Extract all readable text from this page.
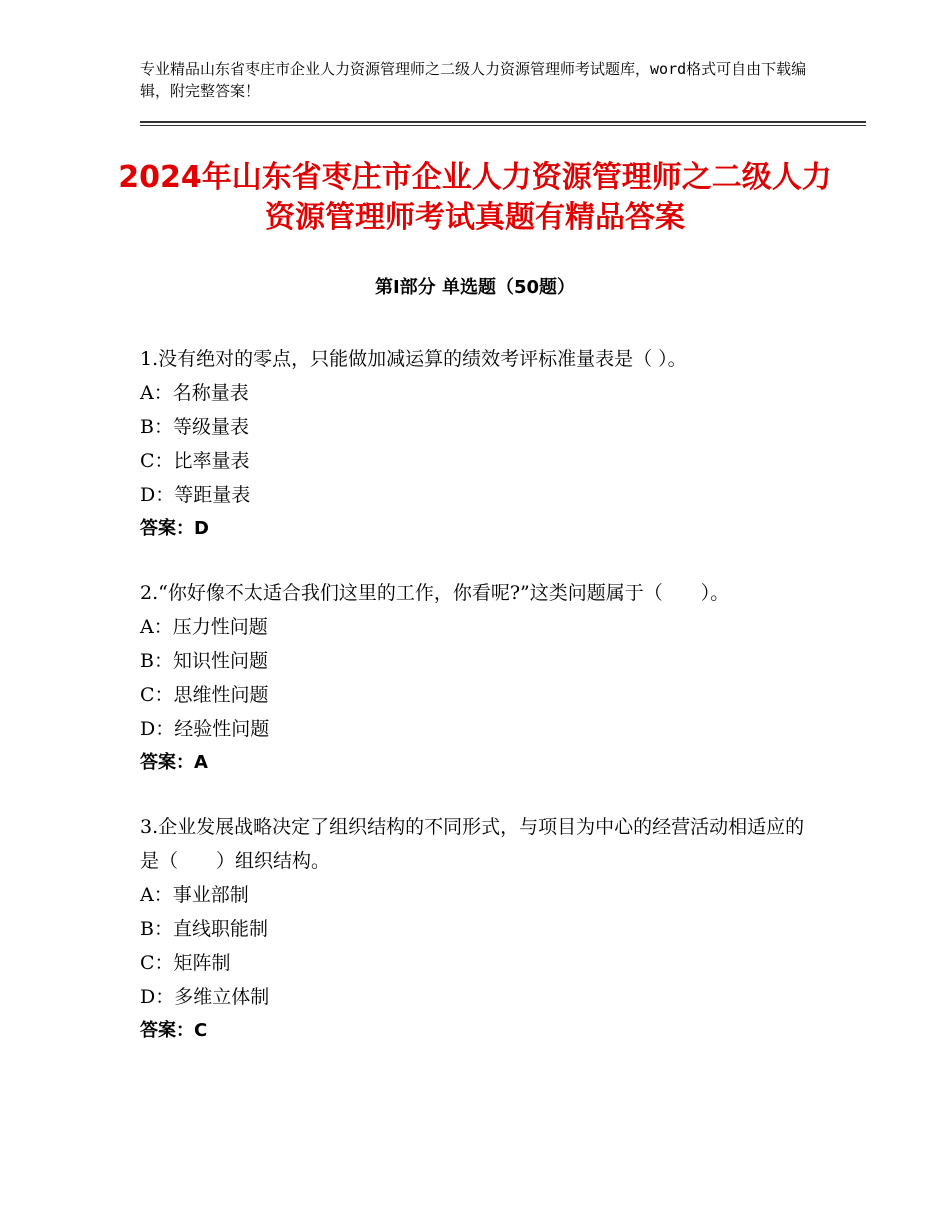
专业精品山东省枣庄市企业人力资源管理师之二级人力资源管理师考试题库，word格式可自由下载编辑，附完整答案！
2024年山东省枣庄市企业人力资源管理师之二级人力资源管理师考试真题有精品答案
第Ⅰ部分 单选题（50题）

1.没有绝对的零点，只能做加减运算的绩效考评标准量表是（ ）。

A：名称量表

B：等级量表

C：比率量表

D：等距量表

答案：D

2.“你好像不太适合我们这里的工作，你看呢?”这类问题属于（　　）。

A：压力性问题

B：知识性问题

C：思维性问题

D：经验性问题

答案：A

3.企业发展战略决定了组织结构的不同形式，与项目为中心的经营活动相适应的是（　　）组织结构。

A：事业部制

B：直线职能制

C：矩阵制

D：多维立体制

答案：C
